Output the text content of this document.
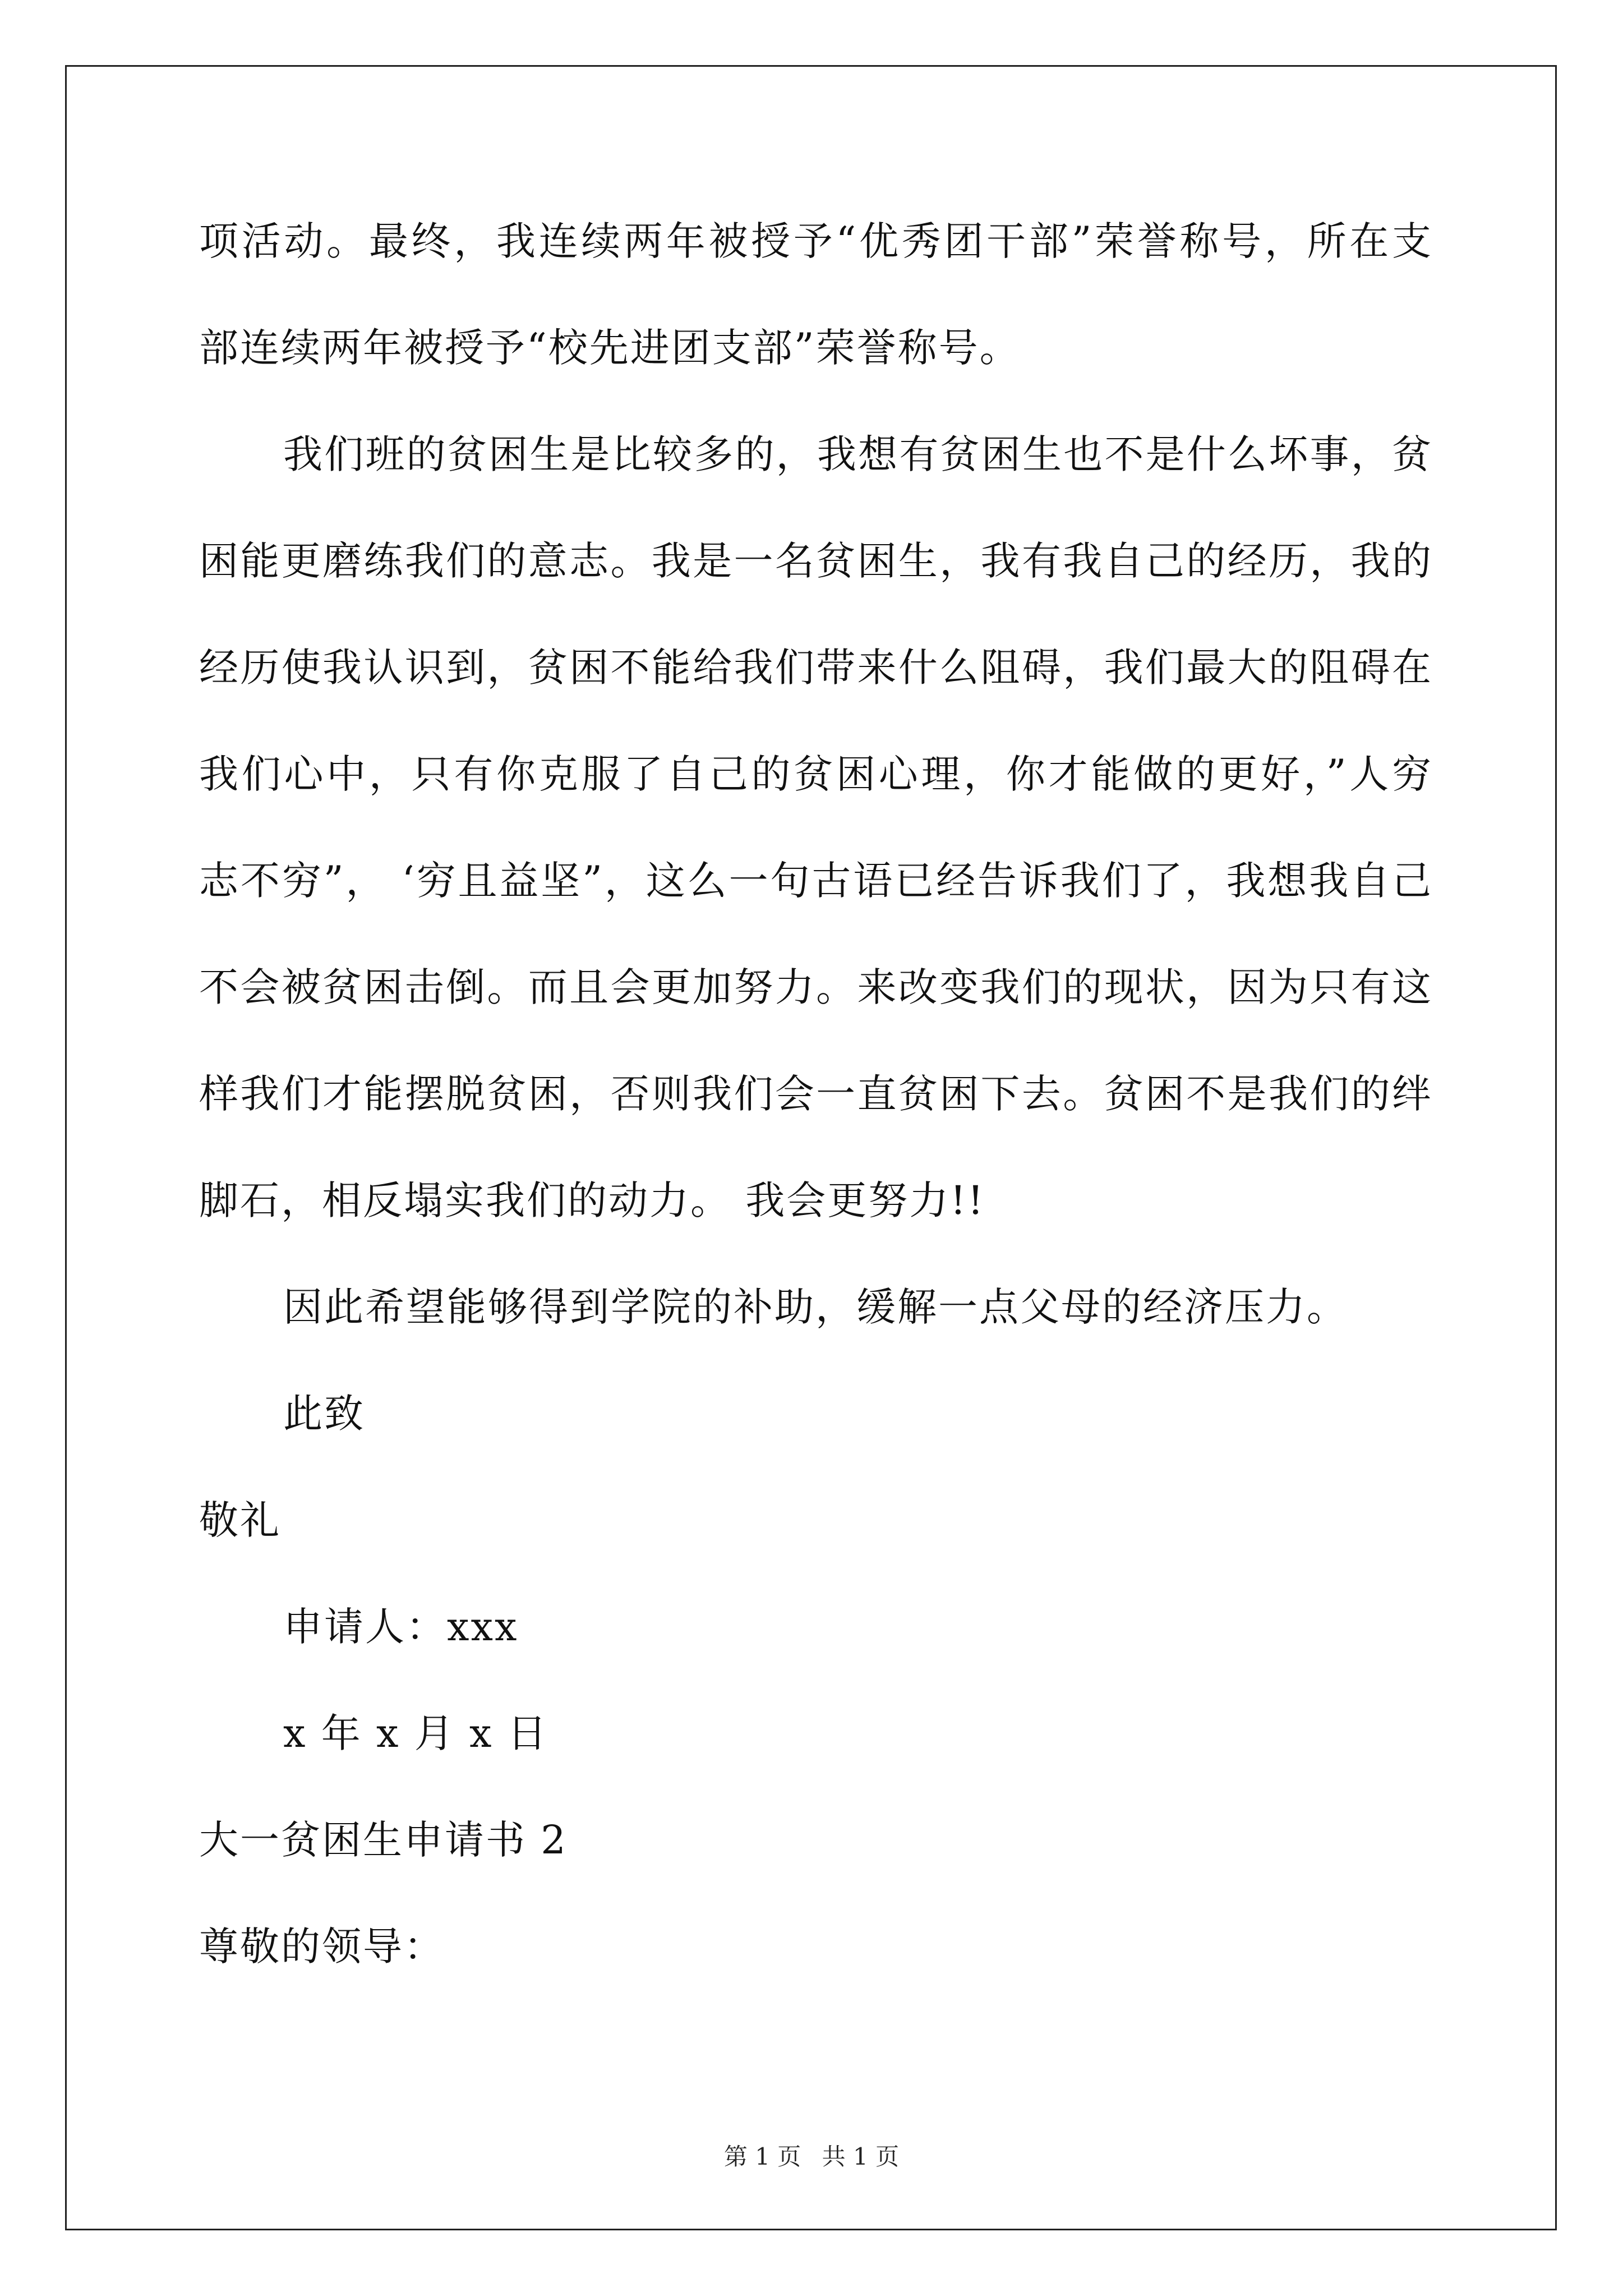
项活动。最终，我连续两年被授予“优秀团干部”荣誉称号，所在支
部连续两年被授予“校先进团支部”荣誉称号。
我们班的贫困生是比较多的，我想有贫困生也不是什么坏事，贫
困能更磨练我们的意志。我是一名贫困生，我有我自己的经历，我的
经历使我认识到，贫困不能给我们带来什么阻碍，我们最大的阻碍在
我们心中，只有你克服了自己的贫困心理，你才能做的更好，”人穷
志不穷”， ‘穷且益坚”，这么一句古语已经告诉我们了，我想我自己
不会被贫困击倒。而且会更加努力。来改变我们的现状，因为只有这
样我们才能摆脱贫困，否则我们会一直贫困下去。贫困不是我们的绊
脚石，相反塌实我们的动力。 我会更努力!!
因此希望能够得到学院的补助，缓解一点父母的经济压力。
此致
敬礼
申请人：xxx
x 年 x 月 x 日
大一贫困生申请书 2
尊敬的领导：
第 1 页 共 1 页
